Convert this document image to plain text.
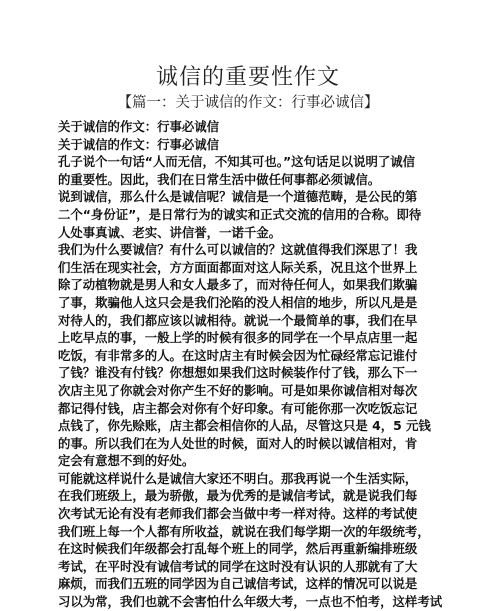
诚信的重要性作文
【篇一：关于诚信的作文：行事必诚信】
关于诚信的作文：行事必诚信
关于诚信的作文：行事必诚信
孔子说个一句话“人而无信，不知其可也。”这句话足以说明了诚信
的重要性。因此，我们在日常生活中做任何事都必须诚信。
说到诚信，那么什么是诚信呢？诚信是一个道德范畴，是公民的第
二个“身份证”，是日常行为的诚实和正式交流的信用的合称。即待
人处事真诚、老实、讲信誉，一诺千金。
我们为什么要诚信？有什么可以诚信的？这就值得我们深思了！我
们生活在现实社会，方方面面都面对这人际关系，况且这个世界上
除了动植物就是男人和女人最多了，而对待任何人，如果我们欺骗
了事，欺骗他人这只会是我们沦陷的没人相信的地步，所以凡是是
对待人的，我们都应该以诚相待。就说一个最简单的事，我们在早
上吃早点的事，一般上学的时候有很多的同学在一个早点店里一起
吃饭，有非常多的人。在这时店主有时候会因为忙碌经常忘记谁付
了钱？谁没有付钱？你想想如果我们这时候装作付了钱，那么下一
次店主见了你就会对你产生不好的影响。可是如果你诚信相对每次
都记得付钱，店主都会对你有个好印象。有可能你那一次吃饭忘记
点钱了，你先赊账，店主都会相信你的人品，尽管这只是 4，5 元钱
的事。所以我们在为人处世的时候，面对人的时候以诚信相对，肯
定会有意想不到的好处。
可能就这样说什么是诚信大家还不明白。那我再说一个生活实际，
在我们班级上，最为骄傲，最为优秀的是诚信考试，就是说我们每
次考试无论有没有老师我们都会当做中考一样对待。这样的考试使
我们班上每一个人都有所收益，就说在我们每学期一次的年级统考，
在这时候我们年级都会打乱每个班上的同学，然后再重新编排班级
考试，在平时没有诚信考试的同学在这时没有认识的人那就有了大
麻烦，而我们五班的同学因为自己诚信考试，这样的情况可以说是
习以为常，我们也就不会害怕什么年级大考，一点也不怕考，这样考试
